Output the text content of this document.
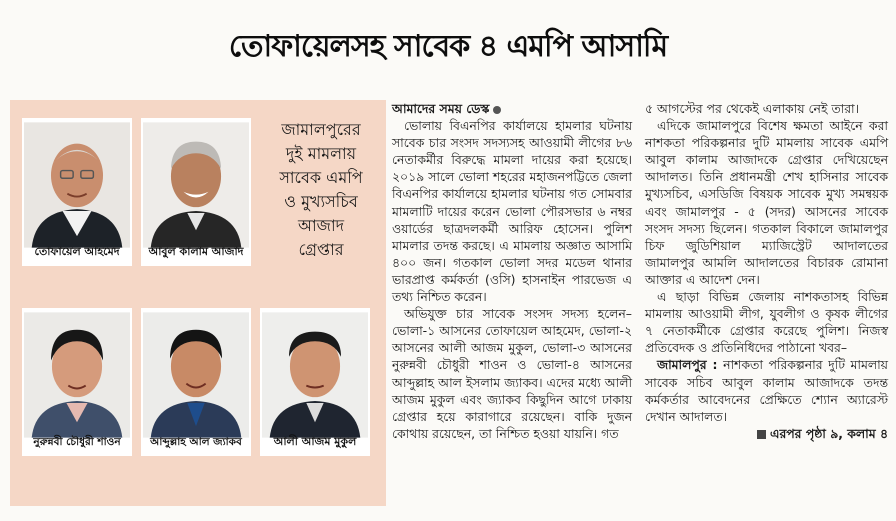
তোফায়েলসহ সাবেক ৪ এমপি আসামি
তোফায়েল আহমেদ	আবুল কালাম আজাদ
জামালপুরের
দুই মামলায়
সাবেক এমপি
ও মুখ্যসচিব
আজাদ
গ্রেপ্তার
নুরুন্নবী চৌধুরী শাওন	আব্দুল্লাহ আল জ্যাকব	আলী আজম মুকুল

আমাদের সময় ডেস্ক

ভোলায় বিএনপির কার্যালয়ে হামলার ঘটনায় সাবেক চার সংসদ সদস্যসহ আওয়ামী লীগের ৮৬ নেতাকর্মীর বিরুদ্ধে মামলা দায়ের করা হয়েছে। ২০১৯ সালে ভোলা শহরের মহাজনপট্টিতে জেলা বিএনপির কার্যালয়ে হামলার ঘটনায় গত সোমবার মামলাটি দায়ের করেন ভোলা পৌরসভার ৬ নম্বর ওয়ার্ডের ছাত্রদলকর্মী আরিফ হোসেন। পুলিশ মামলার তদন্ত করছে। এ মামলায় অজ্ঞাত আসামি ৪০০ জন। গতকাল ভোলা সদর মডেল থানার ভারপ্রাপ্ত কর্মকর্তা (ওসি) হাসনাইন পারভেজ এ তথ্য নিশ্চিত করেন।

অভিযুক্ত চার সাবেক সংসদ সদস্য হলেন– ভোলা-১ আসনের তোফায়েল আহমেদ, ভোলা-২ আসনের আলী আজম মুকুল, ভোলা-৩ আসনের নুরুন্নবী চৌধুরী শাওন ও ভোলা-৪ আসনের আব্দুল্লাহ আল ইসলাম জ্যাকব। এদের মধ্যে আলী আজম মুকুল এবং জ্যাকব কিছুদিন আগে ঢাকায় গ্রেপ্তার হয়ে কারাগারে রয়েছেন। বাকি দুজন কোথায় রয়েছেন, তা নিশ্চিত হওয়া যায়নি। গত

৫ আগস্টের পর থেকেই এলাকায় নেই তারা।

এদিকে জামালপুরে বিশেষ ক্ষমতা আইনে করা নাশকতা পরিকল্পনার দুটি মামলায় সাবেক এমপি আবুল কালাম আজাদকে গ্রেপ্তার দেখিয়েছেন আদালত। তিনি প্রধানমন্ত্রী শেখ হাসিনার সাবেক মুখ্যসচিব, এসডিজি বিষয়ক সাবেক মুখ্য সমন্বয়ক এবং জামালপুর - ৫ (সদর) আসনের সাবেক সংসদ সদস্য ছিলেন। গতকাল বিকালে জামালপুর চিফ জুডিশিয়াল ম্যাজিস্ট্রেট আদালতের জামালপুর আমলি আদালতের বিচারক রোমানা আক্তার এ আদেশ দেন।

এ ছাড়া বিভিন্ন জেলায় নাশকতাসহ বিভিন্ন মামলায় আওয়ামী লীগ, যুবলীগ ও কৃষক লীগের ৭ নেতাকর্মীকে গ্রেপ্তার করেছে পুলিশ। নিজস্ব প্রতিবেদক ও প্রতিনিধিদের পাঠানো খবর–

জামালপুর : নাশকতা পরিকল্পনার দুটি মামলায় সাবেক সচিব আবুল কালাম আজাদকে তদন্ত কর্মকর্তার আবেদনের প্রেক্ষিতে শ্যোন অ্যারেস্ট দেখান আদালত।

এরপর পৃষ্ঠা ৯, কলাম ৪
